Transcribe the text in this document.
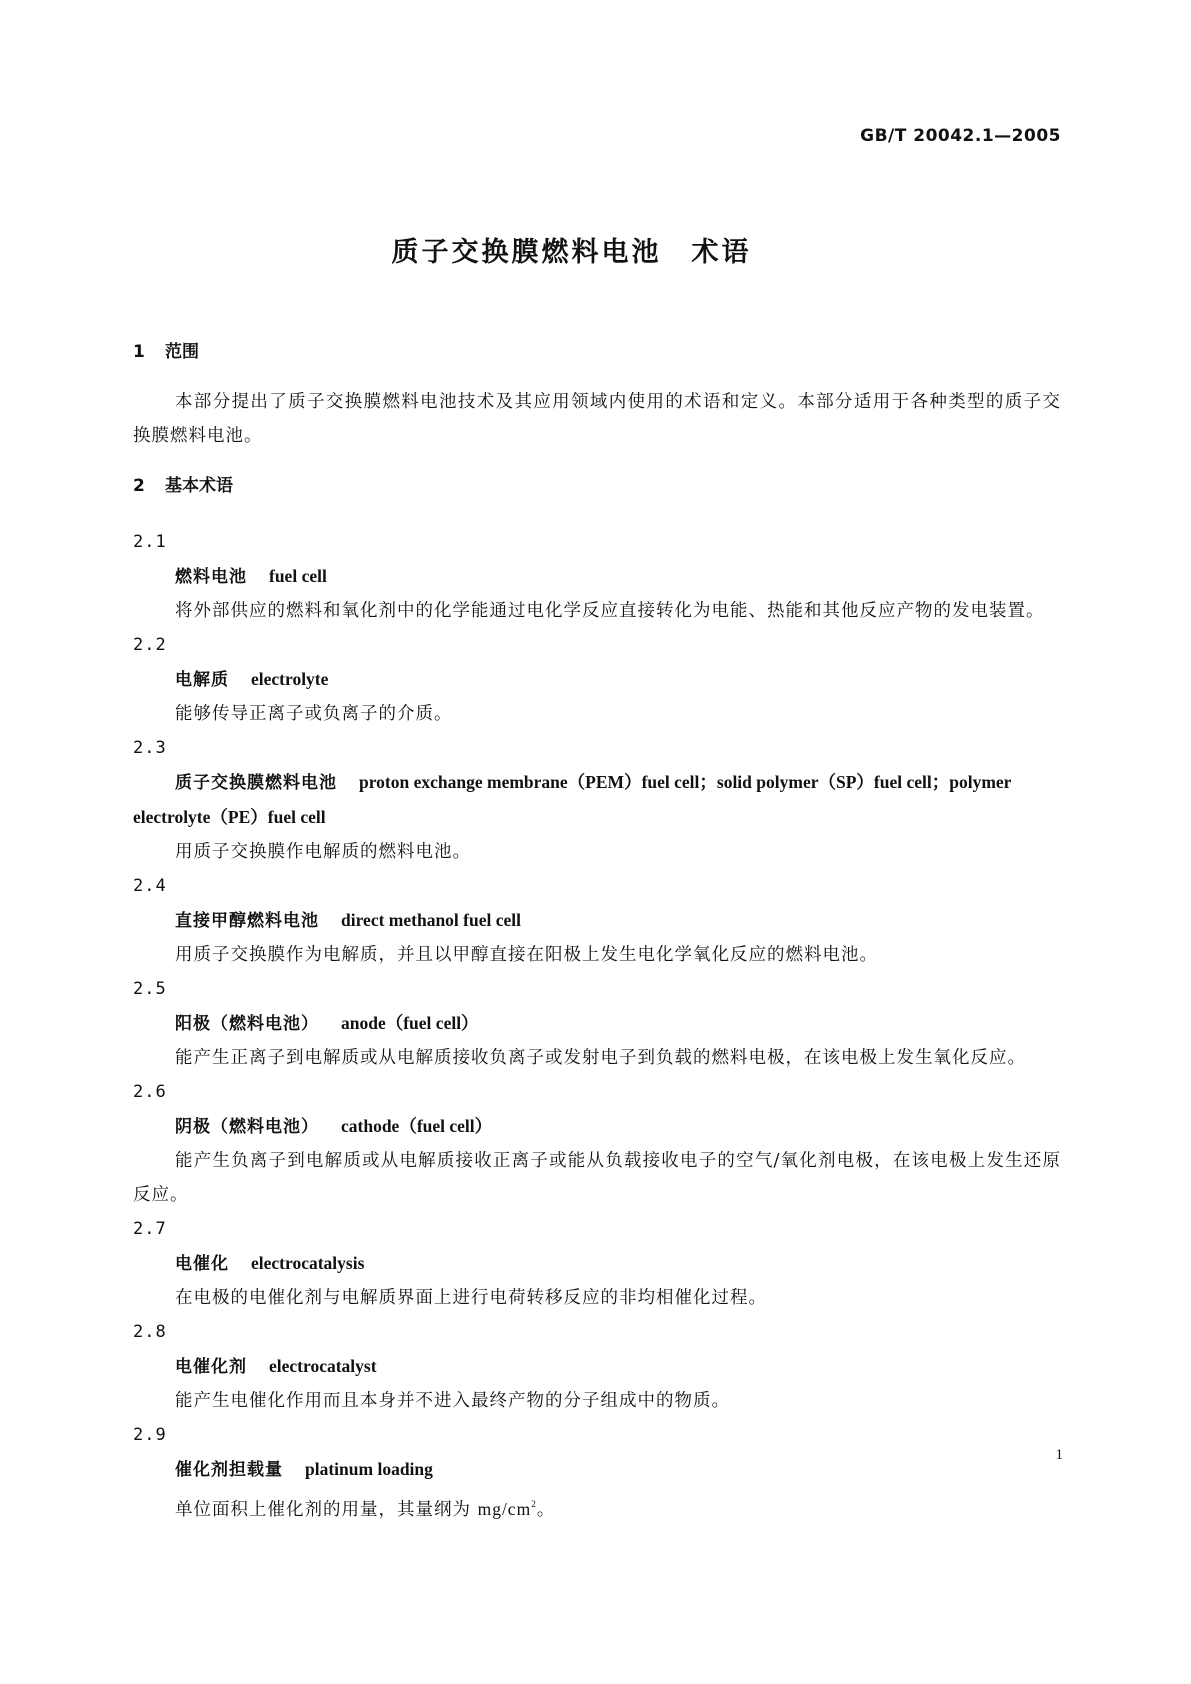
GB/T 20042.1—2005
质子交换膜燃料电池　术语
1 范围
本部分提出了质子交换膜燃料电池技术及其应用领域内使用的术语和定义。本部分适用于各种类型的质子交换膜燃料电池。
2 基本术语
2.1
燃料电池 fuel cell
将外部供应的燃料和氧化剂中的化学能通过电化学反应直接转化为电能、热能和其他反应产物的发电装置。
2.2
电解质 electrolyte
能够传导正离子或负离子的介质。
2.3
质子交换膜燃料电池 proton exchange membrane（PEM）fuel cell；solid polymer（SP）fuel cell；polymer electrolyte（PE）fuel cell
用质子交换膜作电解质的燃料电池。
2.4
直接甲醇燃料电池 direct methanol fuel cell
用质子交换膜作为电解质，并且以甲醇直接在阳极上发生电化学氧化反应的燃料电池。
2.5
阳极（燃料电池） anode（fuel cell）
能产生正离子到电解质或从电解质接收负离子或发射电子到负载的燃料电极，在该电极上发生氧化反应。
2.6
阴极（燃料电池） cathode（fuel cell）
能产生负离子到电解质或从电解质接收正离子或能从负载接收电子的空气/氧化剂电极，在该电极上发生还原反应。
2.7
电催化 electrocatalysis
在电极的电催化剂与电解质界面上进行电荷转移反应的非均相催化过程。
2.8
电催化剂 electrocatalyst
能产生电催化作用而且本身并不进入最终产物的分子组成中的物质。
2.9
催化剂担载量 platinum loading
单位面积上催化剂的用量，其量纲为 $mg/cm^2$。
1
